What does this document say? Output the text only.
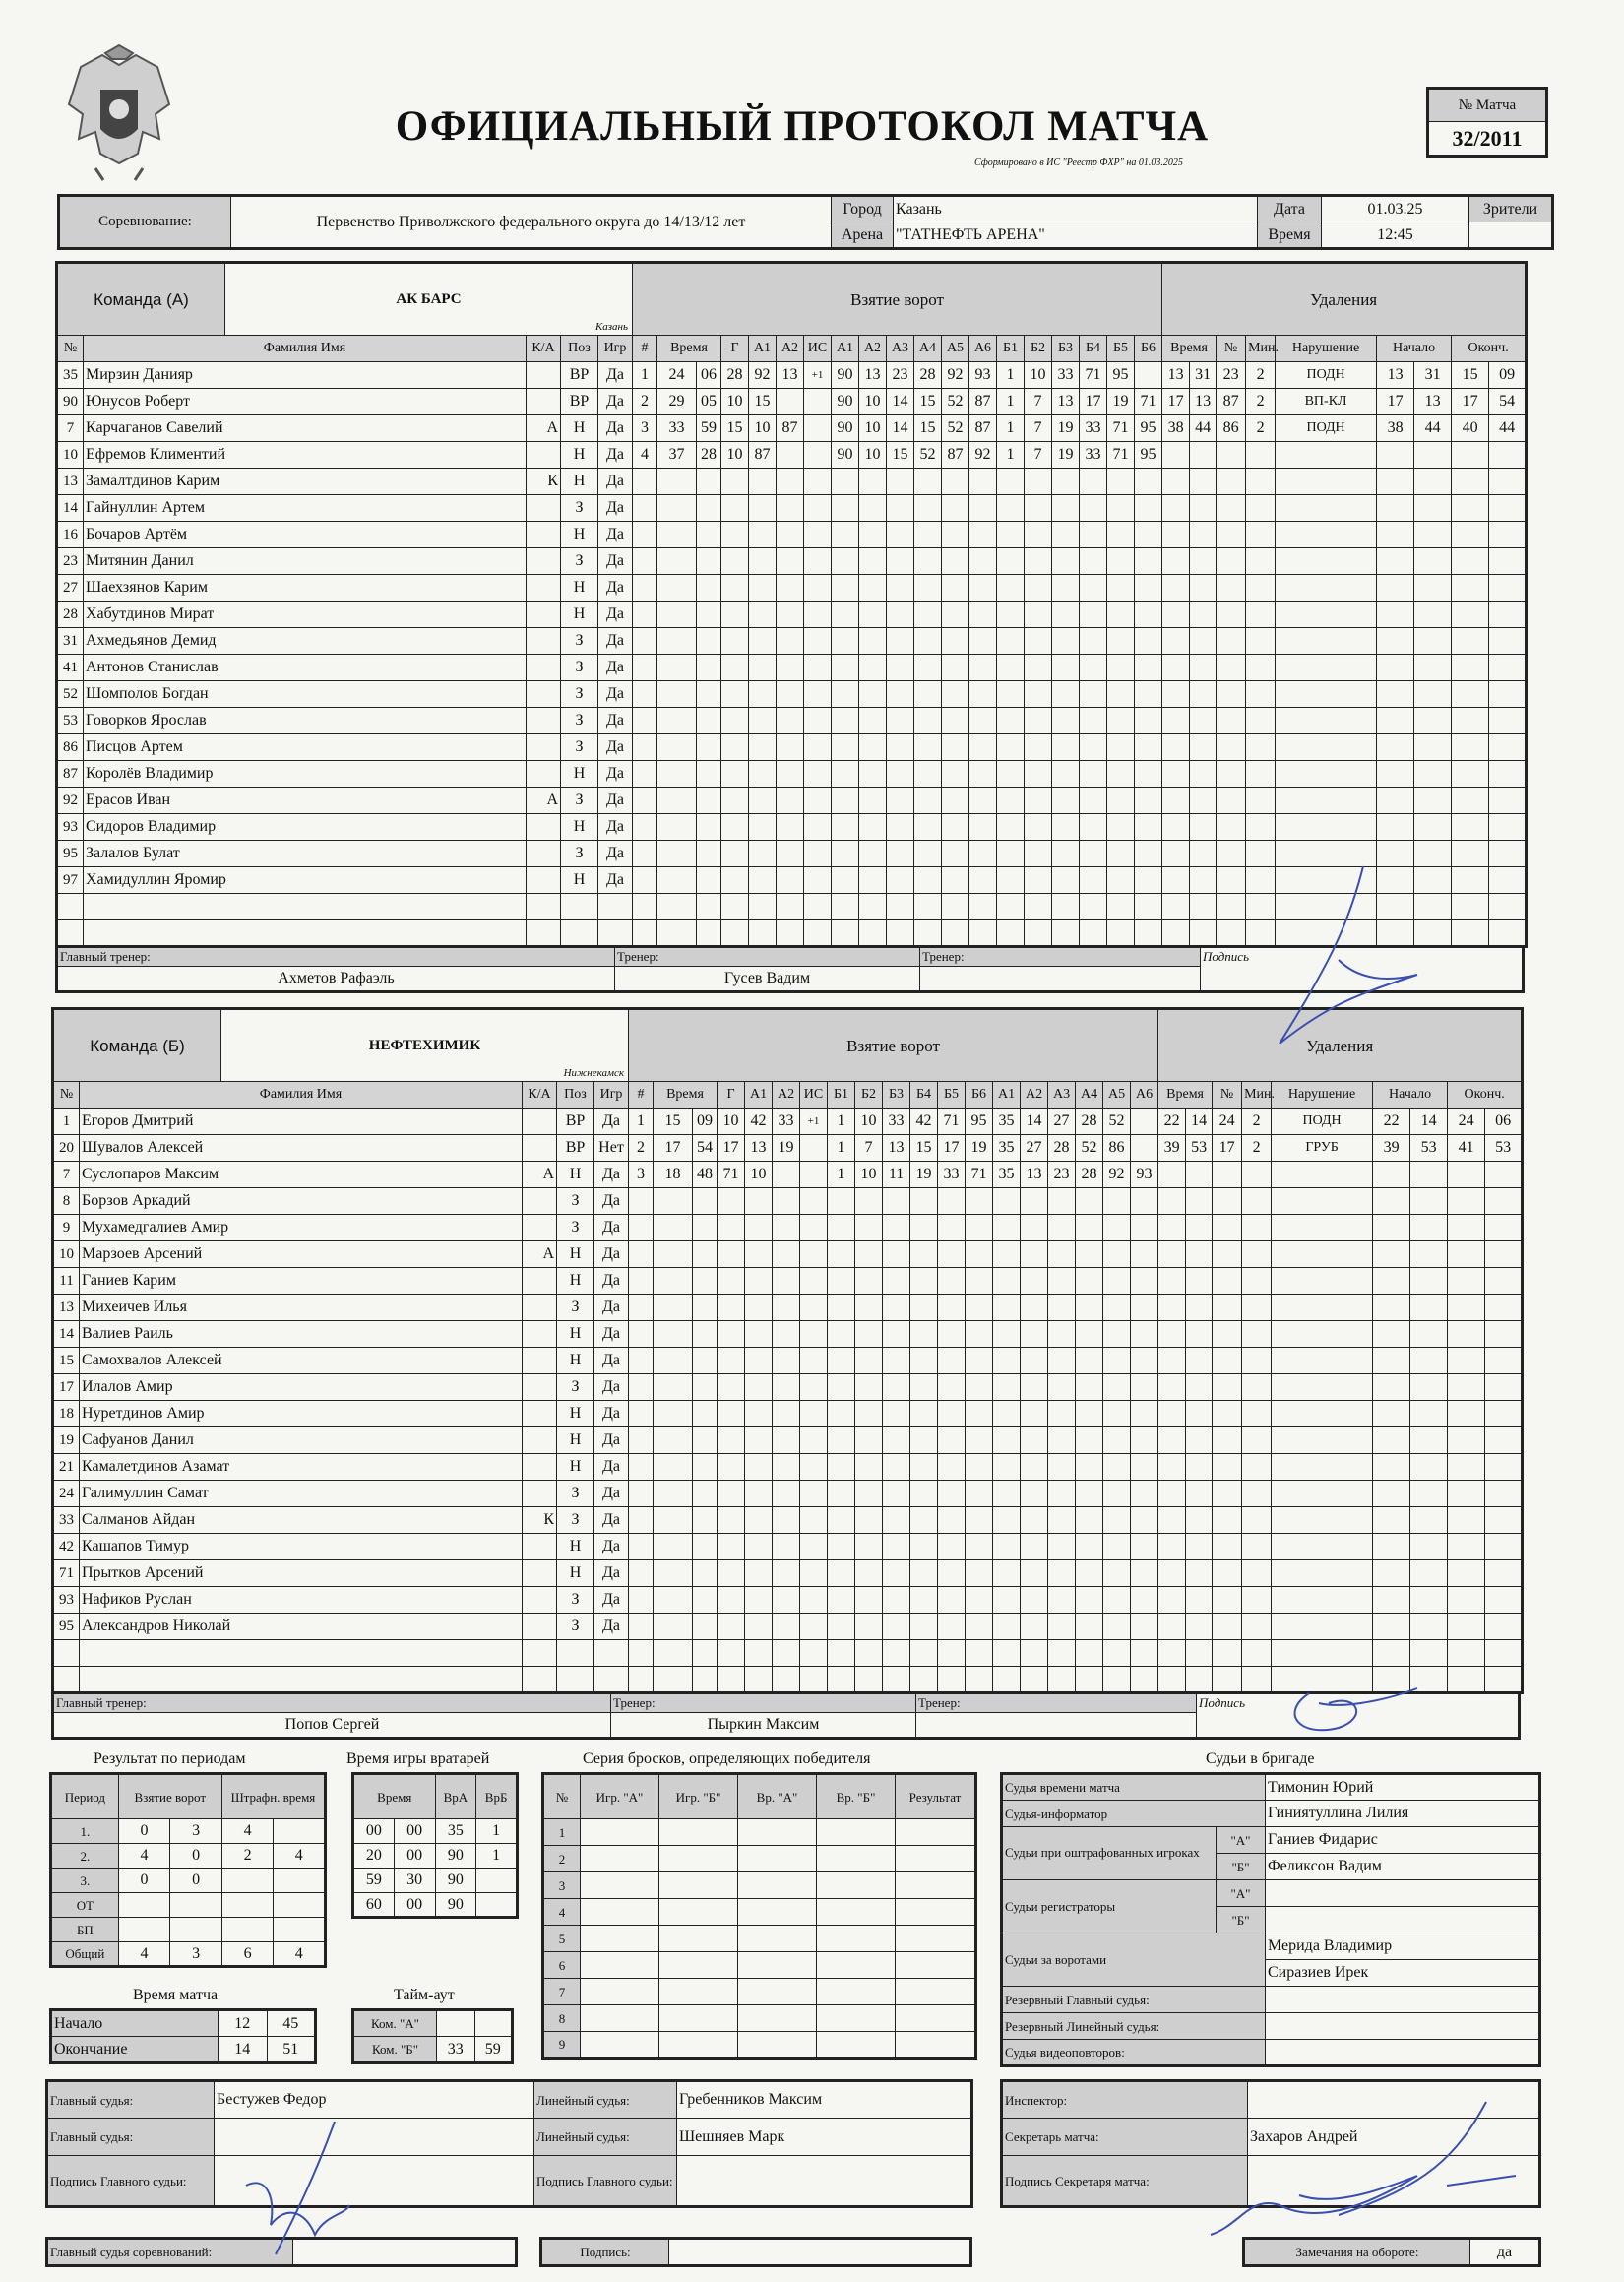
ОФИЦИАЛЬНЫЙ ПРОТОКОЛ МАТЧА
Сформировано в ИС "Реестр ФХР" на 01.03.2025
№ Матча
32/2011
Соревнование:	Первенство Приволжского федерального округа до 14/13/12 лет	Город	Казань	Дата	01.03.25	Зрители
		Арена	"ТАТНЕФТЬ АРЕНА"	Время	12:45	
Команда (А) АК БАРС
Казань					Взятие ворот																			Удаления								
№	Фамилия Имя	К/А	Поз	Игр	#	Время		Г	А1	А2	ИС	А1	А2	А3	А4	А5	А6	Б1	Б2	Б3	Б4	Б5	Б6	Время		№	Мин.	Нарушение	Начало		Оконч.	
35	Мирзин Данияр		ВР	Да	1	24	06	28	92	13	+1	90	13	23	28	92	93	1	10	33	71	95		13	31	23	2	ПОДН	13	31	15	09
90	Юнусов Роберт		ВР	Да	2	29	05	10	15			90	10	14	15	52	87	1	7	13	17	19	71	17	13	87	2	ВП-КЛ	17	13	17	54
7	Карчаганов Савелий	А	Н	Да	3	33	59	15	10	87		90	10	14	15	52	87	1	7	19	33	71	95	38	44	86	2	ПОДН	38	44	40	44
10	Ефремов Климентий		Н	Да	4	37	28	10	87			90	10	15	52	87	92	1	7	19	33	71	95									
13	Замалтдинов Карим	К	Н	Да																												
14	Гайнуллин Артем		З	Да																												
16	Бочаров Артём		Н	Да																												
23	Митянин Данил		З	Да																												
27	Шаехзянов Карим		Н	Да																												
28	Хабутдинов Мират		Н	Да																												
31	Ахмедьянов Демид		З	Да																												
41	Антонов Станислав		З	Да																												
52	Шомполов Богдан		З	Да																												
53	Говорков Ярослав		З	Да																												
86	Писцов Артем		З	Да																												
87	Королёв Владимир		Н	Да																												
92	Ерасов Иван	А	З	Да																												
93	Сидоров Владимир		Н	Да																												
95	Залалов Булат		З	Да																												
97	Хамидуллин Яромир		Н	Да																												

Главный тренер:	Тренер:	Тренер:	Подпись
Ахметов Рафаэль	Гусев Вадим		
Команда (Б) НЕФТЕХИМИК
Нижнекамск					Взятие ворот																			Удаления								
№	Фамилия Имя	К/А	Поз	Игр	#	Время		Г	А1	А2	ИС	Б1	Б2	Б3	Б4	Б5	Б6	А1	А2	А3	А4	А5	А6	Время		№	Мин.	Нарушение	Начало		Оконч.	
1	Егоров Дмитрий		ВР	Да	1	15	09	10	42	33	+1	1	10	33	42	71	95	35	14	27	28	52		22	14	24	2	ПОДН	22	14	24	06
20	Шувалов Алексей		ВР	Нет	2	17	54	17	13	19		1	7	13	15	17	19	35	27	28	52	86		39	53	17	2	ГРУБ	39	53	41	53
7	Суслопаров Максим	А	Н	Да	3	18	48	71	10			1	10	11	19	33	71	35	13	23	28	92	93									
8	Борзов Аркадий		З	Да																												
9	Мухамедгалиев Амир		З	Да																												
10	Марзоев Арсений	А	Н	Да																												
11	Ганиев Карим		Н	Да																												
13	Михеичев Илья		З	Да																												
14	Валиев Раиль		Н	Да																												
15	Самохвалов Алексей		Н	Да																												
17	Илалов Амир		З	Да																												
18	Нуретдинов Амир		Н	Да																												
19	Сафуанов Данил		Н	Да																												
21	Камалетдинов Азамат		Н	Да																												
24	Галимуллин Самат		З	Да																												
33	Салманов Айдан	К	З	Да																												
42	Кашапов Тимур		Н	Да																												
71	Прытков Арсений		Н	Да																												
93	Нафиков Руслан		З	Да																												
95	Александров Николай		З	Да																												

Главный тренер:	Тренер:	Тренер:	Подпись
Попов Сергей	Пыркин Максим		
Результат по периодам
Период	Взятие ворот		Штрафн. время	
1.	0	3	4	
2.	4	0	2	4
3.	0	0		
ОТ				
БП				
Общий	4	3	6	4
Время игры вратарей
Время		ВрА	ВрБ
00	00	35	1
20	00	90	1
59	30	90	
60	00	90	
Время матча
Начало	12	45
Окончание	14	51
Тайм-аут
Ком. "А"		
Ком. "Б"	33	59
Серия бросков, определяющих победителя
№	Игр. "А"	Игр. "Б"	Вр. "А"	Вр. "Б"	Результат
1					
2					
3					
4					
5					
6					
7					
8					
9					
Судьи в бригаде
Судья времени матча		Тимонин Юрий
Судья-информатор		Гиниятуллина Лилия
Судьи при оштрафованных игроках	"А"	Ганиев Фидарис
	"Б"	Феликсон Вадим
Судьи регистраторы	"А"	
	"Б"	
Судьи за воротами		Мерида Владимир
		Сиразиев Ирек
Резервный Главный судья:		
Резервный Линейный судья:		
Судья видеоповторов:		
Главный судья:	Бестужев Федор	Линейный судья:	Гребенников Максим
Главный судья:		Линейный судья:	Шешняев Марк
Подпись Главного судьи:		Подпись Главного судьи:	
Инспектор:	
Секретарь матча:	Захаров Андрей
Подпись Секретаря матча:	
Главный судья соревнований:		Подпись:		Замечания на обороте:	да
